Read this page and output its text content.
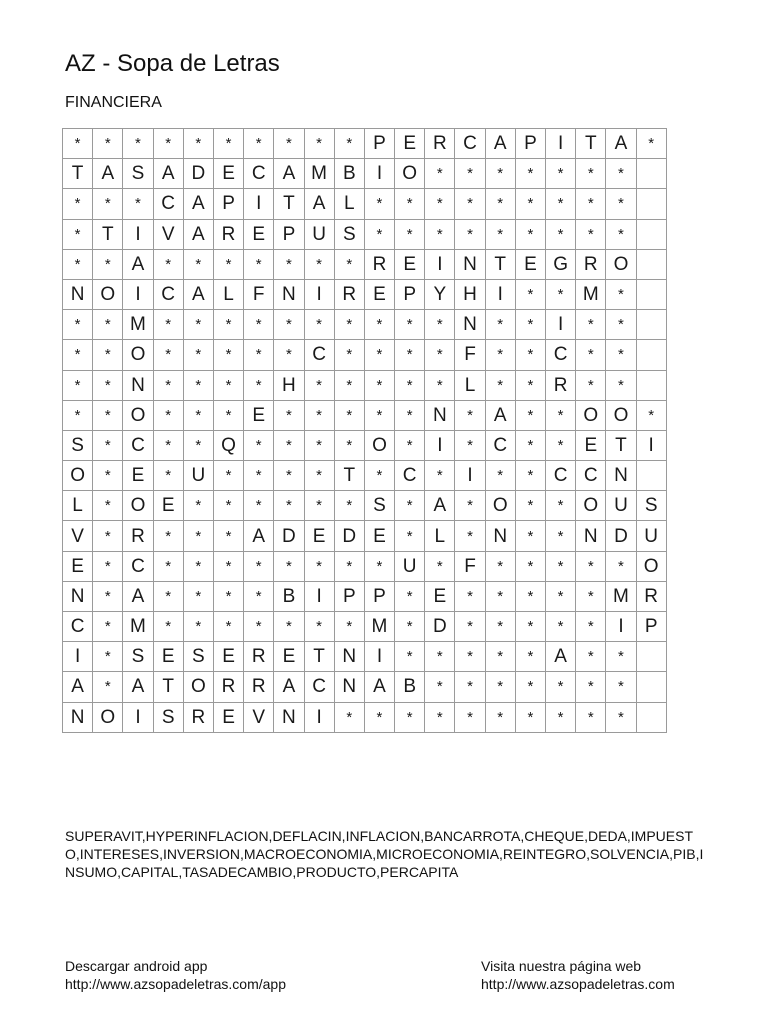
AZ - Sopa de Letras
FINANCIERA
*	*	*	*	*	*	*	*	*	*	P	E	R	C	A	P	I	T	A	*
T	A	S	A	D	E	C	A	M	B	I	O	*	*	*	*	*	*	*	
*	*	*	C	A	P	I	T	A	L	*	*	*	*	*	*	*	*	*	
*	T	I	V	A	R	E	P	U	S	*	*	*	*	*	*	*	*	*	
*	*	A	*	*	*	*	*	*	*	R	E	I	N	T	E	G	R	O	
N	O	I	C	A	L	F	N	I	R	E	P	Y	H	I	*	*	M	*	
*	*	M	*	*	*	*	*	*	*	*	*	*	N	*	*	I	*	*	
*	*	O	*	*	*	*	*	C	*	*	*	*	F	*	*	C	*	*	
*	*	N	*	*	*	*	H	*	*	*	*	*	L	*	*	R	*	*	
*	*	O	*	*	*	E	*	*	*	*	*	N	*	A	*	*	O	O	*
S	*	C	*	*	Q	*	*	*	*	O	*	I	*	C	*	*	E	T	I
O	*	E	*	U	*	*	*	*	T	*	C	*	I	*	*	C	C	N	
L	*	O	E	*	*	*	*	*	*	S	*	A	*	O	*	*	O	U	S
V	*	R	*	*	*	A	D	E	D	E	*	L	*	N	*	*	N	D	U
E	*	C	*	*	*	*	*	*	*	*	U	*	F	*	*	*	*	*	O
N	*	A	*	*	*	*	B	I	P	P	*	E	*	*	*	*	*	M	R
C	*	M	*	*	*	*	*	*	*	M	*	D	*	*	*	*	*	I	P
I	*	S	E	S	E	R	E	T	N	I	*	*	*	*	*	A	*	*	
A	*	A	T	O	R	R	A	C	N	A	B	*	*	*	*	*	*	*	
N	O	I	S	R	E	V	N	I	*	*	*	*	*	*	*	*	*	*	
SUPERAVIT,HYPERINFLACION,DEFLACIN,INFLACION,BANCARROTA,CHEQUE,DEDA,IMPUESTO,INTERESES,INVERSION,MACROECONOMIA,MICROECONOMIA,REINTEGRO,SOLVENCIA,PIB,INSUMO,CAPITAL,TASADECAMBIO,PRODUCTO,PERCAPITA
Descargar android app
http://www.azsopadeletras.com/app
Visita nuestra página web
http://www.azsopadeletras.com
